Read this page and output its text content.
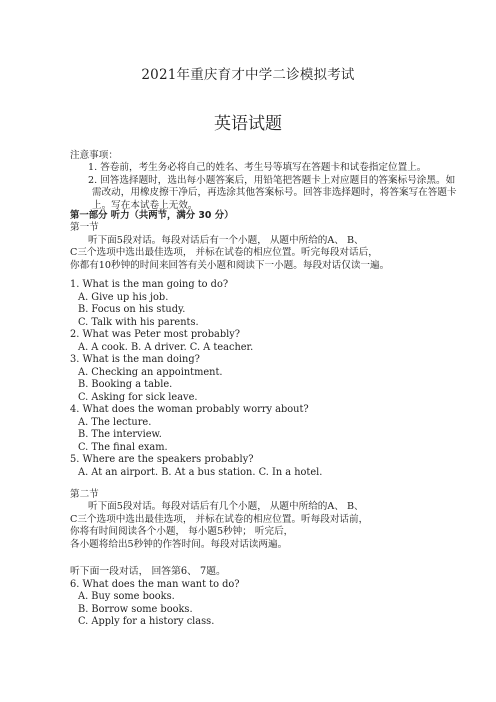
2021年重庆育才中学二诊模拟考试
英语试题
注意事项：
1. 答卷前，考生务必将自己的姓名、考生号等填写在答题卡和试卷指定位置上。
2. 回答选择题时，选出每小题答案后，用铅笔把答题卡上对应题目的答案标号涂黑。如
需改动，用橡皮擦干净后，再选涂其他答案标号。回答非选择题时，将答案写在答题卡
上。写在本试卷上无效。
第一部分 听力（共两节，满分 30 分）
第一节
听下面5段对话。每段对话后有一个小题， 从题中所给的A、 B、
C三个选项中选出最佳选项， 并标在试卷的相应位置。听完每段对话后，
你都有10秒钟的时间来回答有关小题和阅读下一小题。每段对话仅读一遍。
1. What is the man going to do?
A. Give up his job.
B. Focus on his study.
C. Talk with his parents.
2. What was Peter most probably?
A. A cook. B. A driver. C. A teacher.
3. What is the man doing?
A. Checking an appointment.
B. Booking a table.
C. Asking for sick leave.
4. What does the woman probably worry about?
A. The lecture.
B. The interview.
C. The final exam.
5. Where are the speakers probably?
A. At an airport. B. At a bus station. C. In a hotel.
第二节
听下面5段对话。每段对话后有几个小题， 从题中所给的A、 B、
C三个选项中选出最佳选项， 并标在试卷的相应位置。听每段对话前，
你将有时间阅读各个小题， 每小题5秒钟； 听完后，
各小题将给出5秒钟的作答时间。每段对话读两遍。
听下面一段对话， 回答第6、 7题。
6. What does the man want to do?
A. Buy some books.
B. Borrow some books.
C. Apply for a history class.
